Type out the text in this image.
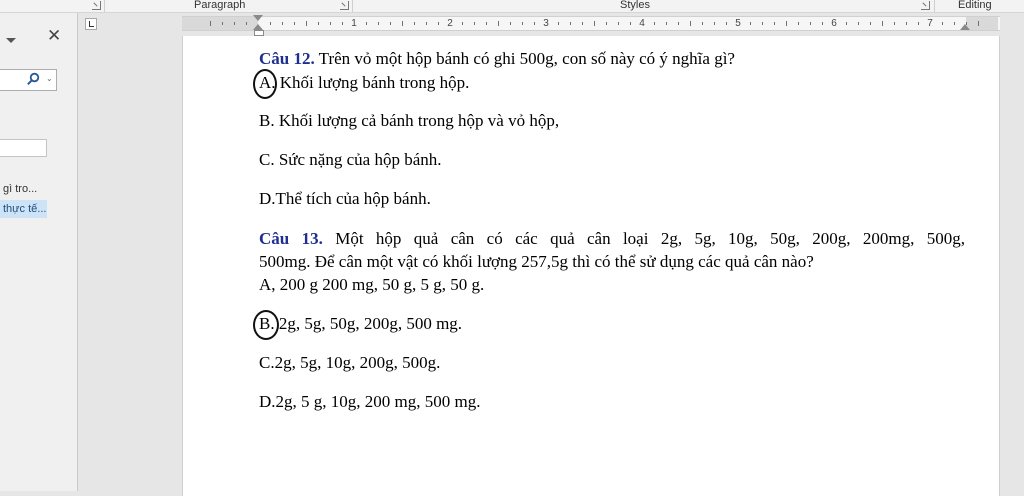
Paragraph	Styles	Editing
✕
⌄
gì tro...
thực tế...
1	2	3	4	5	6	7
Câu 12. Trên vỏ một hộp bánh có ghi 500g, con số này có ý nghĩa gì?
A. Khối lượng bánh trong hộp.
B. Khối lượng cả bánh trong hộp và vỏ hộp,
C. Sức nặng của hộp bánh.
D.Thể tích của hộp bánh.
Câu 13. Một hộp quả cân có các quả cân loại 2g, 5g, 10g, 50g, 200g, 200mg, 500g,
500mg. Để cân một vật có khối lượng 257,5g thì có thể sử dụng các quả cân nào?
A, 200 g 200 mg, 50 g, 5 g, 50 g.
B. 2g, 5g, 50g, 200g, 500 mg.
C.2g, 5g, 10g, 200g, 500g.
D.2g, 5 g, 10g, 200 mg, 500 mg.
